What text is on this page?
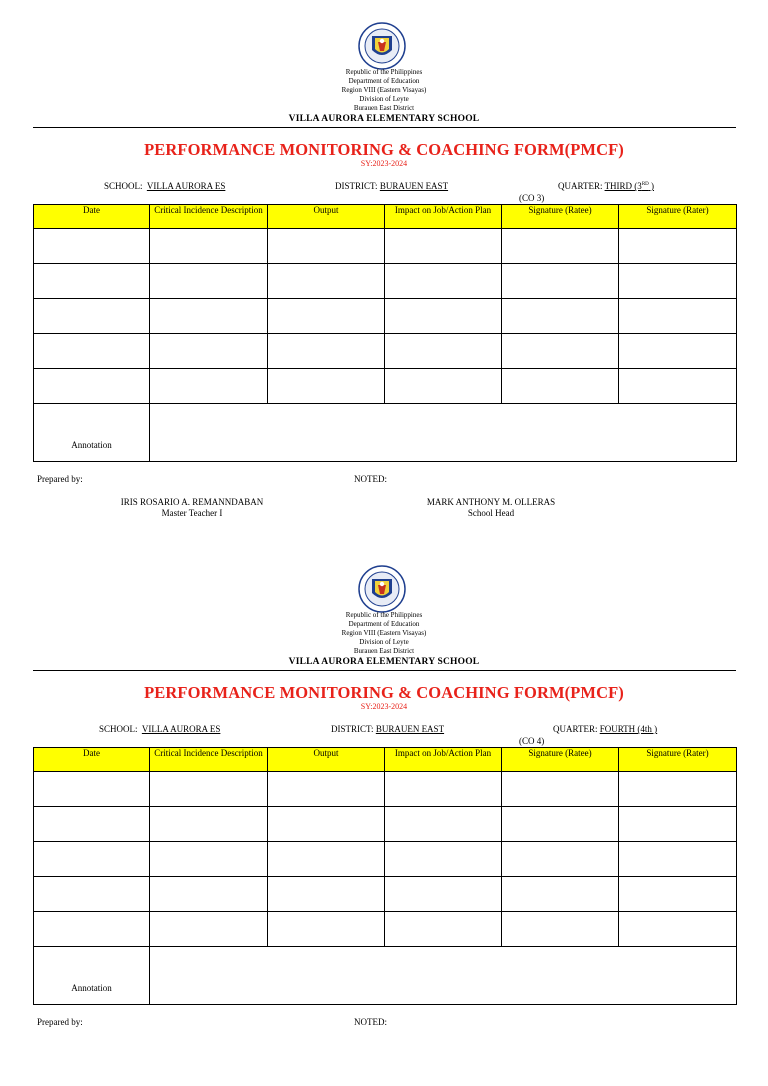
Republic of the Philippines
Department of Education
Region VIII (Eastern Visayas)
Division of Leyte
Burauen East District
VILLA AURORA ELEMENTARY SCHOOL
PERFORMANCE MONITORING & COACHING FORM(PMCF)
SY:2023-2024
SCHOOL: VILLA AURORA ES	DISTRICT: BURAUEN EAST	QUARTER: THIRD (3RD )
(CO 3)
Date	Critical Incidence Description	Output	Impact on Job/Action Plan	Signature (Ratee)	Signature (Rater)

Annotation					
Prepared by:	NOTED:
IRIS ROSARIO A. REMANNDABAN
Master Teacher I
MARK ANTHONY M. OLLERAS
School Head
Republic of the Philippines
Department of Education
Region VIII (Eastern Visayas)
Division of Leyte
Burauen East District
VILLA AURORA ELEMENTARY SCHOOL
PERFORMANCE MONITORING & COACHING FORM(PMCF)
SY:2023-2024
SCHOOL: VILLA AURORA ES	DISTRICT: BURAUEN EAST	QUARTER: FOURTH (4th )
(CO 4)
Date	Critical Incidence Description	Output	Impact on Job/Action Plan	Signature (Ratee)	Signature (Rater)

Annotation					
Prepared by:	NOTED:
